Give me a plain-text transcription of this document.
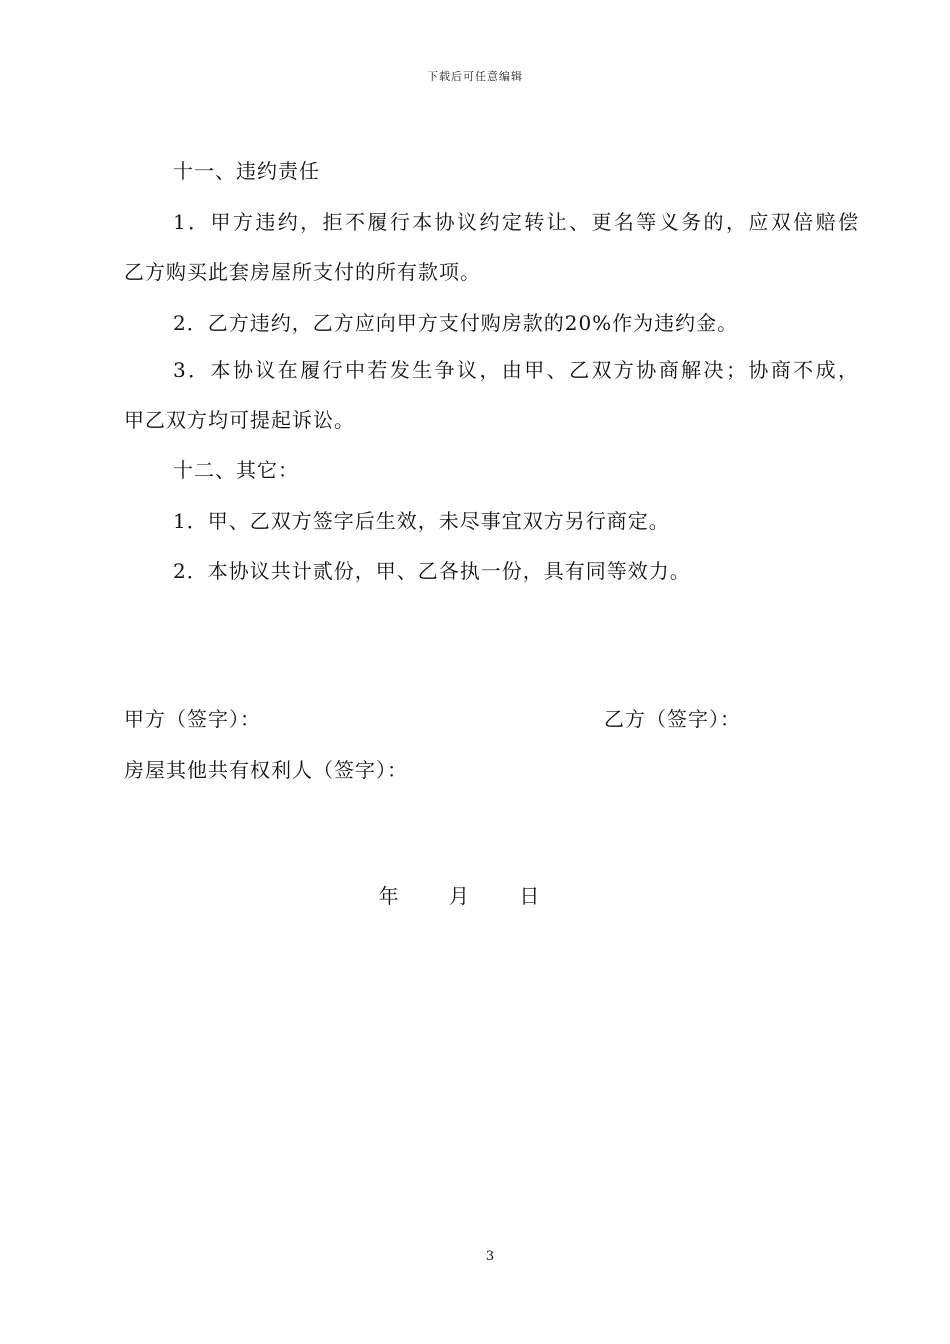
下载后可任意编辑
十一、违约责任
1．甲方违约，拒不履行本协议约定转让、更名等义务的，应双倍赔偿
乙方购买此套房屋所支付的所有款项。
2．乙方违约，乙方应向甲方支付购房款的20%作为违约金。
3．本协议在履行中若发生争议，由甲、乙双方协商解决；协商不成，
甲乙双方均可提起诉讼。
十二、其它：
1．甲、乙双方签字后生效，未尽事宜双方另行商定。
2．本协议共计贰份，甲、乙各执一份，具有同等效力。
甲方（签字）：	乙方（签字）：
房屋其他共有权利人（签字）：
年	月	日
3
